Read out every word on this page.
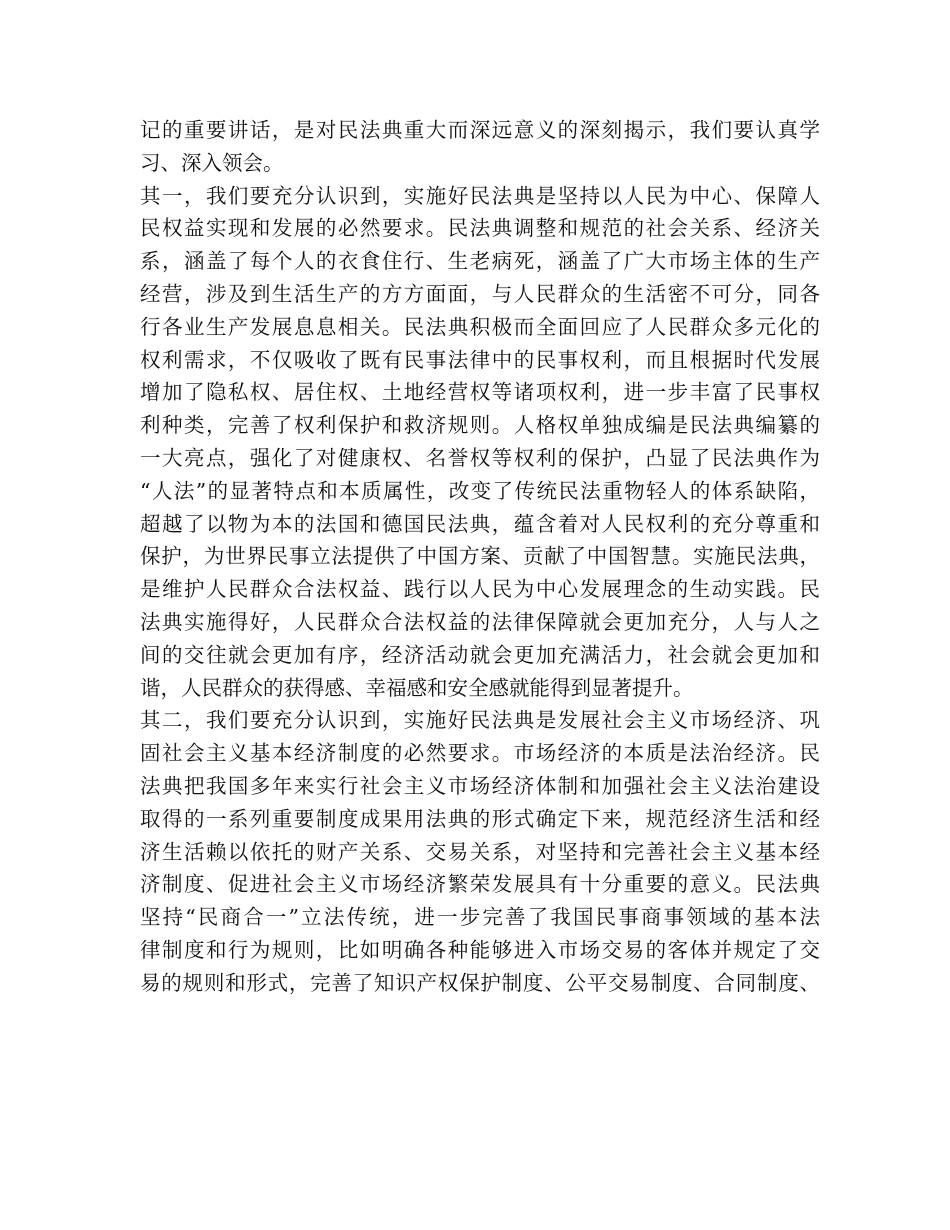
记的重要讲话，是对民法典重大而深远意义的深刻揭示，我们要认真学
习、深入领会。
其一，我们要充分认识到，实施好民法典是坚持以人民为中心、保障人
民权益实现和发展的必然要求。民法典调整和规范的社会关系、经济关
系，涵盖了每个人的衣食住行、生老病死，涵盖了广大市场主体的生产
经营，涉及到生活生产的方方面面，与人民群众的生活密不可分，同各
行各业生产发展息息相关。民法典积极而全面回应了人民群众多元化的
权利需求，不仅吸收了既有民事法律中的民事权利，而且根据时代发展
增加了隐私权、居住权、土地经营权等诸项权利，进一步丰富了民事权
利种类，完善了权利保护和救济规则。人格权单独成编是民法典编纂的
一大亮点，强化了对健康权、名誉权等权利的保护，凸显了民法典作为
“人法”的显著特点和本质属性，改变了传统民法重物轻人的体系缺陷，
超越了以物为本的法国和德国民法典，蕴含着对人民权利的充分尊重和
保护，为世界民事立法提供了中国方案、贡献了中国智慧。实施民法典，
是维护人民群众合法权益、践行以人民为中心发展理念的生动实践。民
法典实施得好，人民群众合法权益的法律保障就会更加充分，人与人之
间的交往就会更加有序，经济活动就会更加充满活力，社会就会更加和
谐，人民群众的获得感、幸福感和安全感就能得到显著提升。
其二，我们要充分认识到，实施好民法典是发展社会主义市场经济、巩
固社会主义基本经济制度的必然要求。市场经济的本质是法治经济。民
法典把我国多年来实行社会主义市场经济体制和加强社会主义法治建设
取得的一系列重要制度成果用法典的形式确定下来，规范经济生活和经
济生活赖以依托的财产关系、交易关系，对坚持和完善社会主义基本经
济制度、促进社会主义市场经济繁荣发展具有十分重要的意义。民法典
坚持“民商合一”立法传统，进一步完善了我国民事商事领域的基本法
律制度和行为规则，比如明确各种能够进入市场交易的客体并规定了交
易的规则和形式，完善了知识产权保护制度、公平交易制度、合同制度、
